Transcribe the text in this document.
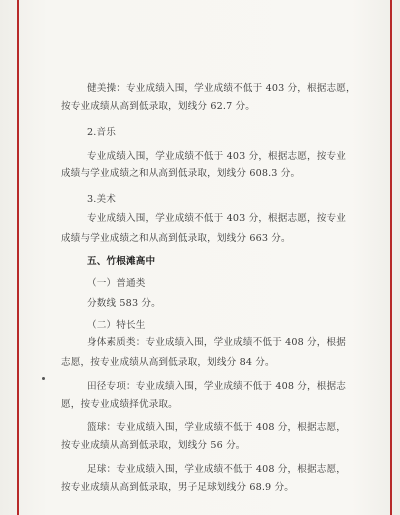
健美操：专业成绩入围，学业成绩不低于 403 分，根据志愿，
按专业成绩从高到低录取，划线分 62.7 分。
2.音乐
专业成绩入围，学业成绩不低于 403 分，根据志愿，按专业
成绩与学业成绩之和从高到低录取，划线分 608.3 分。
3.美术
专业成绩入围，学业成绩不低于 403 分，根据志愿，按专业
成绩与学业成绩之和从高到低录取，划线分 663 分。
五、竹根滩高中
（一）普通类
分数线 583 分。
（二）特长生
身体素质类：专业成绩入围，学业成绩不低于 408 分，根据
志愿，按专业成绩从高到低录取，划线分 84 分。
田径专项：专业成绩入围，学业成绩不低于 408 分，根据志
愿，按专业成绩择优录取。
篮球：专业成绩入围，学业成绩不低于 408 分，根据志愿，
按专业成绩从高到低录取，划线分 56 分。
足球：专业成绩入围，学业成绩不低于 408 分，根据志愿，
按专业成绩从高到低录取，男子足球划线分 68.9 分。
